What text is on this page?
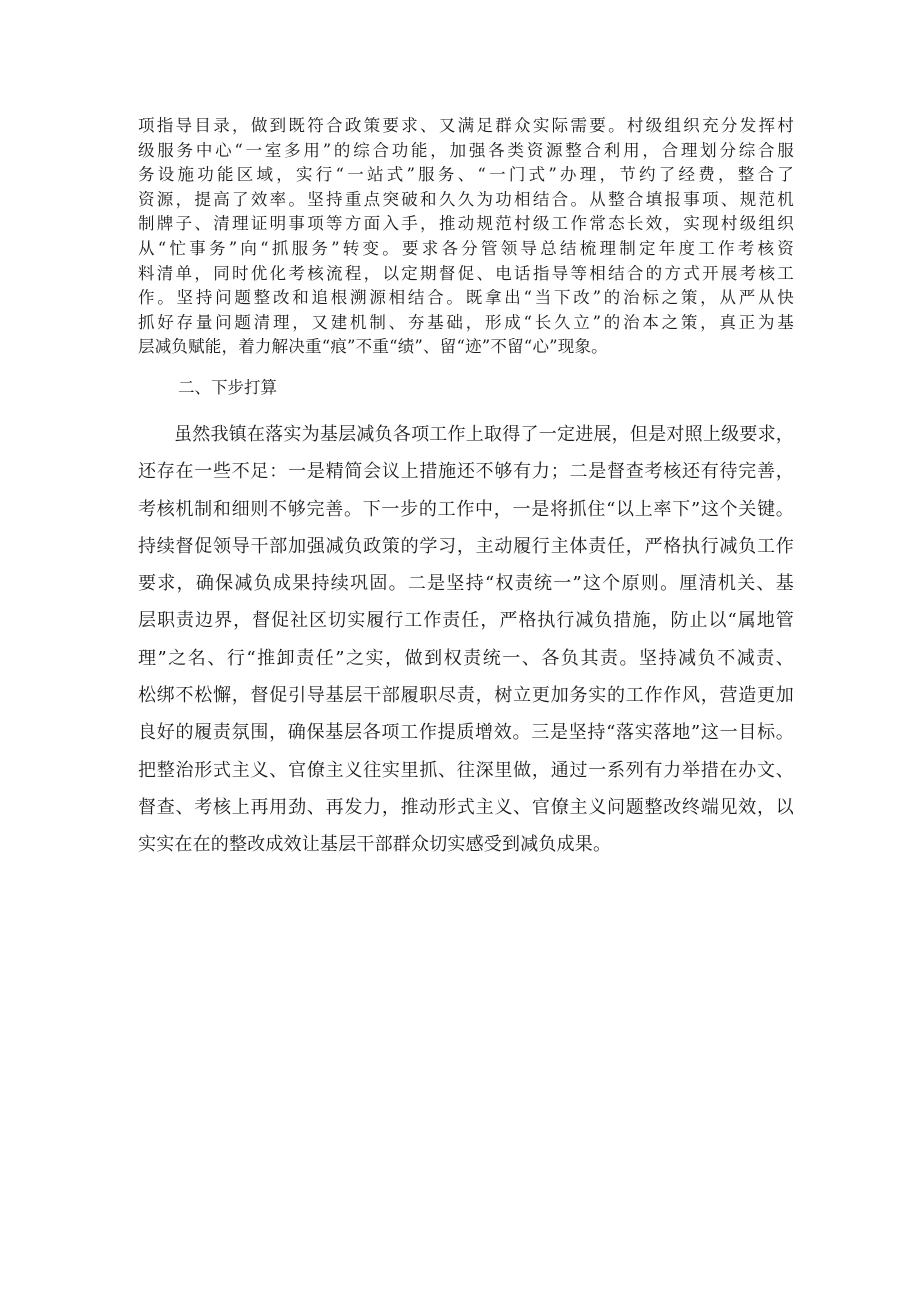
项指导目录，做到既符合政策要求、又满足群众实际需要。村级组织充分发挥村
级服务中心“一室多用”的综合功能，加强各类资源整合利用，合理划分综合服
务设施功能区域，实行“一站式”服务、“一门式”办理，节约了经费，整合了
资源，提高了效率。坚持重点突破和久久为功相结合。从整合填报事项、规范机
制牌子、清理证明事项等方面入手，推动规范村级工作常态长效，实现村级组织
从“忙事务”向“抓服务”转变。要求各分管领导总结梳理制定年度工作考核资
料清单，同时优化考核流程，以定期督促、电话指导等相结合的方式开展考核工
作。坚持问题整改和追根溯源相结合。既拿出“当下改”的治标之策，从严从快
抓好存量问题清理，又建机制、夯基础，形成“长久立”的治本之策，真正为基
层减负赋能，着力解决重“痕”不重“绩”、留“迹”不留“心”现象。
二、下步打算
虽然我镇在落实为基层减负各项工作上取得了一定进展，但是对照上级要求，
还存在一些不足：一是精简会议上措施还不够有力；二是督查考核还有待完善，
考核机制和细则不够完善。下一步的工作中，一是将抓住“以上率下”这个关键。
持续督促领导干部加强减负政策的学习，主动履行主体责任，严格执行减负工作
要求，确保减负成果持续巩固。二是坚持“权责统一”这个原则。厘清机关、基
层职责边界，督促社区切实履行工作责任，严格执行减负措施，防止以“属地管
理”之名、行“推卸责任”之实，做到权责统一、各负其责。坚持减负不减责、
松绑不松懈，督促引导基层干部履职尽责，树立更加务实的工作作风，营造更加
良好的履责氛围，确保基层各项工作提质增效。三是坚持“落实落地”这一目标。
把整治形式主义、官僚主义往实里抓、往深里做，通过一系列有力举措在办文、
督查、考核上再用劲、再发力，推动形式主义、官僚主义问题整改终端见效，以
实实在在的整改成效让基层干部群众切实感受到减负成果。
